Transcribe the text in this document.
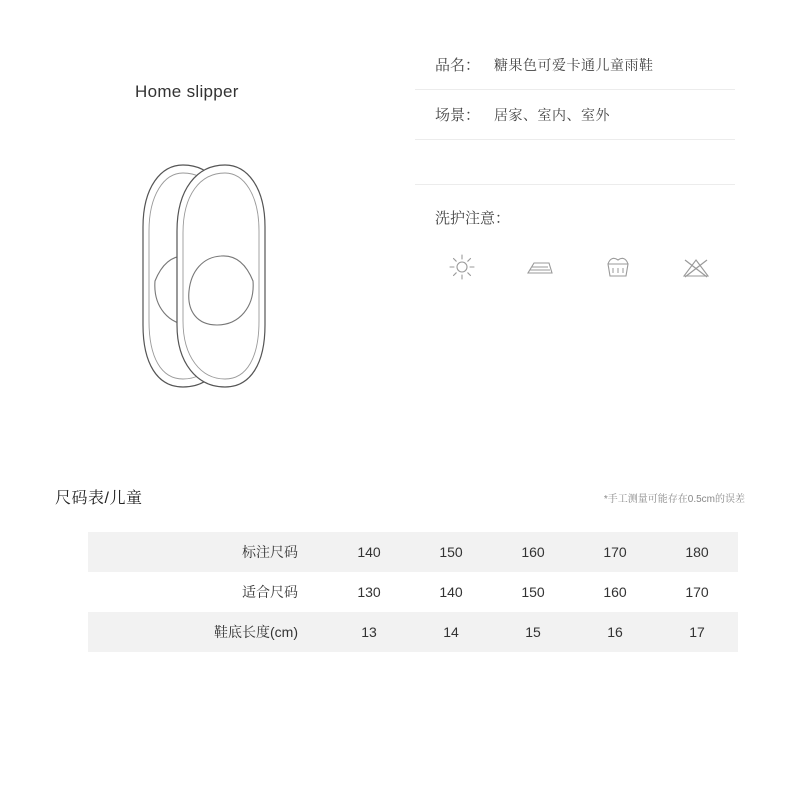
Home slipper
品名： 糖果色可爱卡通儿童雨鞋
场景： 居家、室内、室外
洗护注意：
尺码表/儿童	*手工测量可能存在0.5cm的误差
标注尺码	140	150	160	170	180
适合尺码	130	140	150	160	170
鞋底长度(cm)	13	14	15	16	17
